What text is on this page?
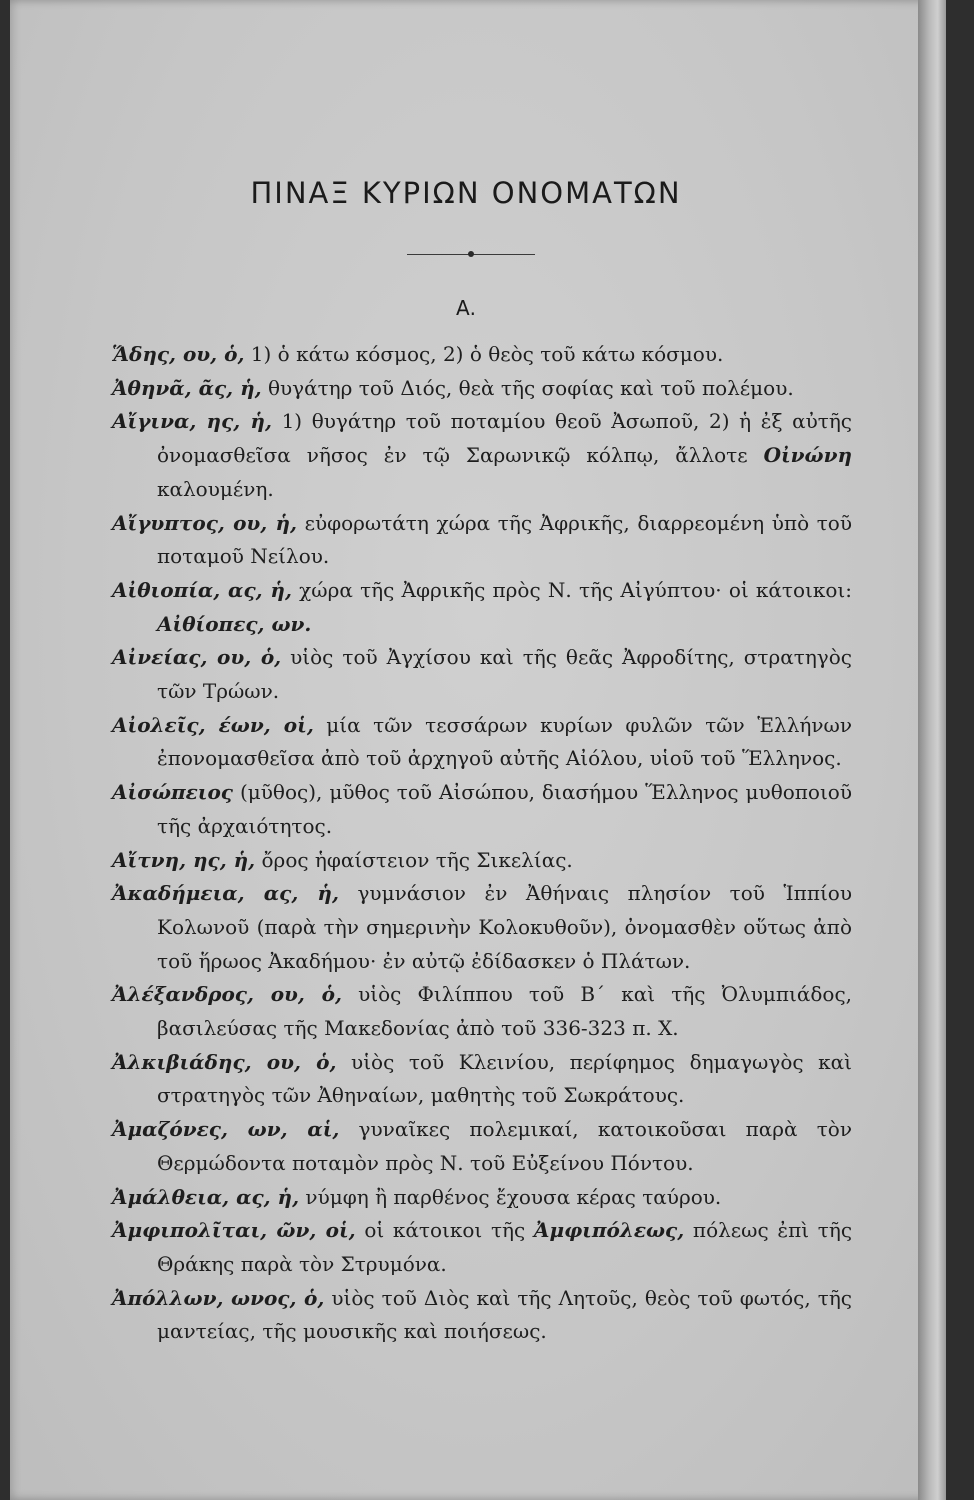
ΠΙΝΑΞ ΚΥΡΙΩΝ ΟΝΟΜΑΤΩΝ
Α.
Ἅδης, ου, ὁ, 1) ὁ κάτω κόσμος, 2) ὁ θεὸς τοῦ κάτω κόσμου.
Ἀθηνᾶ, ᾶς, ἡ, θυγάτηρ τοῦ Διός, θεὰ τῆς σοφίας καὶ τοῦ πολέμου.
Αἴγινα, ης, ἡ, 1) θυγάτηρ τοῦ ποταμίου θεοῦ Ἀσωποῦ, 2) ἡ ἐξ αὐτῆς ὀνομασθεῖσα νῆσος ἐν τῷ Σαρωνικῷ κόλπῳ, ἄλλοτε Οἰνώνη καλουμένη.
Αἴγυπτος, ου, ἡ, εὐφορωτάτη χώρα τῆς Ἀφρικῆς, διαρρεομένη ὑπὸ τοῦ ποταμοῦ Νείλου.
Αἰθιοπία, ας, ἡ, χώρα τῆς Ἀφρικῆς πρὸς Ν. τῆς Αἰγύπτου· οἱ κάτοικοι: Αἰθίοπες, ων.
Αἰνείας, ου, ὁ, υἱὸς τοῦ Ἀγχίσου καὶ τῆς θεᾶς Ἀφροδίτης, στρατηγὸς τῶν Τρώων.
Αἰολεῖς, έων, οἱ, μία τῶν τεσσάρων κυρίων φυλῶν τῶν Ἑλλήνων ἐπονομασθεῖσα ἀπὸ τοῦ ἀρχηγοῦ αὐτῆς Αἰόλου, υἱοῦ τοῦ Ἕλληνος.
Αἰσώπειος (μῦθος), μῦθος τοῦ Αἰσώπου, διασήμου Ἕλληνος μυθοποιοῦ τῆς ἀρχαιότητος.
Αἴτνη, ης, ἡ, ὄρος ἡφαίστειον τῆς Σικελίας.
Ἀκαδήμεια, ας, ἡ, γυμνάσιον ἐν Ἀθήναις πλησίον τοῦ Ἱππίου Κολωνοῦ (παρὰ τὴν σημερινὴν Κολοκυθοῦν), ὀνομασθὲν οὕτως ἀπὸ τοῦ ἥρωος Ἀκαδήμου· ἐν αὐτῷ ἐδίδασκεν ὁ Πλάτων.
Ἀλέξανδρος, ου, ὁ, υἱὸς Φιλίππου τοῦ Β΄ καὶ τῆς Ὀλυμπιάδος, βασιλεύσας τῆς Μακεδονίας ἀπὸ τοῦ 336-323 π. Χ.
Ἀλκιβιάδης, ου, ὁ, υἱὸς τοῦ Κλεινίου, περίφημος δημαγωγὸς καὶ στρατηγὸς τῶν Ἀθηναίων, μαθητὴς τοῦ Σωκράτους.
Ἀμαζόνες, ων, αἱ, γυναῖκες πολεμικαί, κατοικοῦσαι παρὰ τὸν Θερμώδοντα ποταμὸν πρὸς Ν. τοῦ Εὐξείνου Πόντου.
Ἀμάλθεια, ας, ἡ, νύμφη ἢ παρθένος ἔχουσα κέρας ταύρου.
Ἀμφιπολῖται, ῶν, οἱ, οἱ κάτοικοι τῆς Ἀμφιπόλεως, πόλεως ἐπὶ τῆς Θράκης παρὰ τὸν Στρυμόνα.
Ἀπόλλων, ωνος, ὁ, υἱὸς τοῦ Διὸς καὶ τῆς Λητοῦς, θεὸς τοῦ φωτός, τῆς μαντείας, τῆς μουσικῆς καὶ ποιήσεως.
